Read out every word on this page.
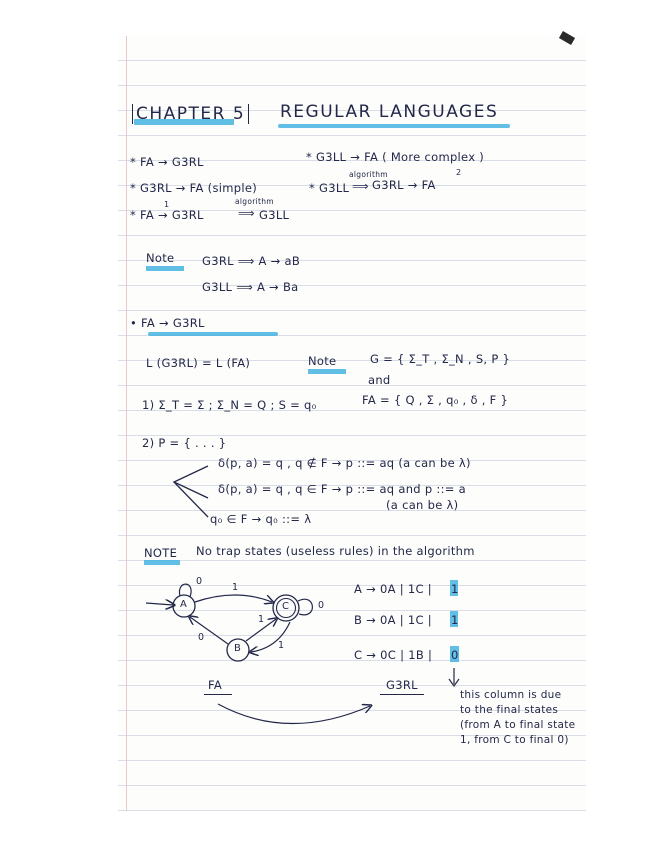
CHAPTER 5 REGULAR LANGUAGES
* FA → G3RL	* G3LL → FA ( More complex )
* G3RL → FA (simple)	* G3LL
algorithm
⟹ G3RL → FA
2
* FA → G3RL
1	algorithm
⟹ G3LL
Note G3RL ⟹ A → aB
G3LL ⟹ A → Ba
• FA → G3RL
L (G3RL) = L (FA)	Note	G = { Σ_T , Σ_N , S, P }
and
FA = { Q , Σ , q₀ , δ , F }
1) Σ_T = Σ ; Σ_N = Q ; S = q₀
2) P = { . . . }
δ(p, a) = q , q ∉ F → p ::= aq (a can be λ)
δ(p, a) = q , q ∈ F → p ::= aq and p ::= a
(a can be λ)
q₀ ∈ F → q₀ ::= λ
NOTE No trap states (useless rules) in the algorithm
A	C
B
0
1
1
0
1
0
FA	G3RL
A → 0A | 1C | 1
B → 0A | 1C | 1
C → 0C | 1B | 0
this column is due to the final states (from A to final state 1, from C to final 0)
